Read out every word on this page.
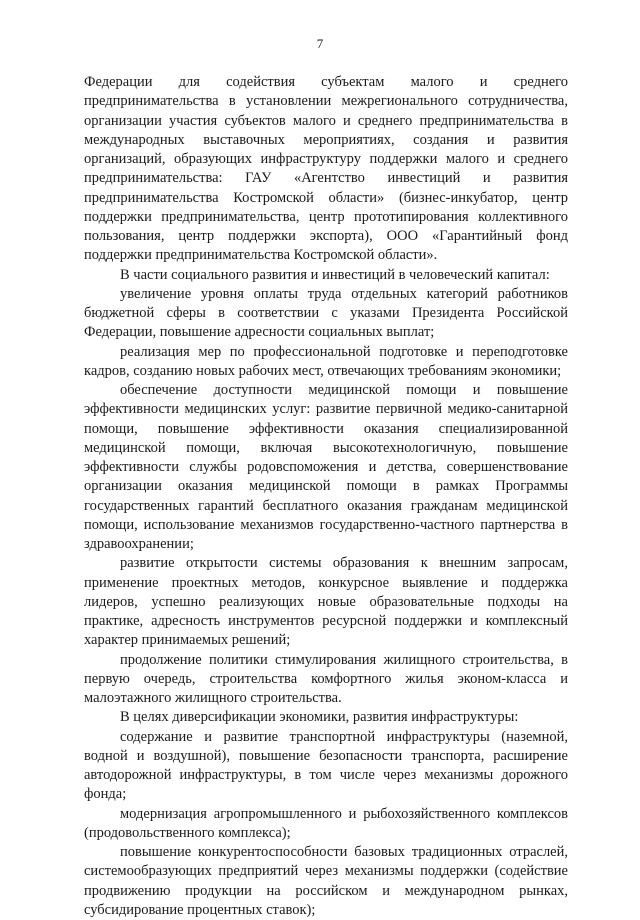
7

Федерации для содействия субъектам малого и среднего предпринимательства в установлении межрегионального сотрудничества, организации участия субъектов малого и среднего предпринимательства в международных выставочных мероприятиях, создания и развития организаций, образующих инфраструктуру поддержки малого и среднего предпринимательства: ГАУ «Агентство инвестиций и развития предпринимательства Костромской области» (бизнес-инкубатор, центр поддержки предпринимательства, центр прототипирования коллективного пользования, центр поддержки экспорта), ООО «Гарантийный фонд поддержки предпринимательства Костромской области».

В части социального развития и инвестиций в человеческий капитал:

увеличение уровня оплаты труда отдельных категорий работников бюджетной сферы в соответствии с указами Президента Российской Федерации, повышение адресности социальных выплат;

реализация мер по профессиональной подготовке и переподготовке кадров, созданию новых рабочих мест, отвечающих требованиям экономики;

обеспечение доступности медицинской помощи и повышение эффективности медицинских услуг: развитие первичной медико-санитарной помощи, повышение эффективности оказания специализированной медицинской помощи, включая высокотехнологичную, повышение эффективности службы родовспоможения и детства, совершенствование организации оказания медицинской помощи в рамках Программы государственных гарантий бесплатного оказания гражданам медицинской помощи, использование механизмов государственно-частного партнерства в здравоохранении;

развитие открытости системы образования к внешним запросам, применение проектных методов, конкурсное выявление и поддержка лидеров, успешно реализующих новые образовательные подходы на практике, адресность инструментов ресурсной поддержки и комплексный характер принимаемых решений;

продолжение политики стимулирования жилищного строительства, в первую очередь, строительства комфортного жилья эконом-класса и малоэтажного жилищного строительства.

В целях диверсификации экономики, развития инфраструктуры:

содержание и развитие транспортной инфраструктуры (наземной, водной и воздушной), повышение безопасности транспорта, расширение автодорожной инфраструктуры, в том числе через механизмы дорожного фонда;

модернизация агропромышленного и рыбохозяйственного комплексов (продовольственного комплекса);

повышение конкурентоспособности базовых традиционных отраслей, системообразующих предприятий через механизмы поддержки (содействие продвижению продукции на российском и международном рынках, субсидирование процентных ставок);
